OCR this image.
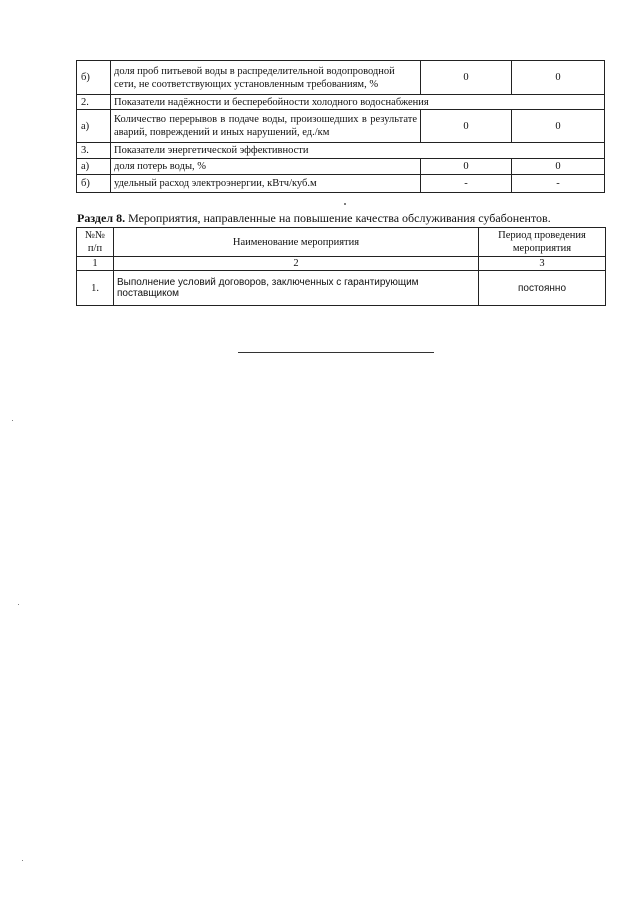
б)	доля проб питьевой воды в распределительной водопроводной сети, не соответствующих установленным требованиям, %	0	0
2.	Показатели надёжности и бесперебойности холодного водоснабжения		
а)	Количество перерывов в подаче воды, произошедших в результате аварий, повреждений и иных нарушений, ед./км	0	0
3.	Показатели энергетической эффективности		
а)	доля потерь воды, %	0	0
б)	удельный расход электроэнергии, кВтч/куб.м	-	-
Раздел 8. Мероприятия, направленные на повышение качества обслуживания субабонентов.
№№ п/п	Наименование мероприятия	Период проведения мероприятия
1	2	3
1.	Выполнение условий договоров, заключенных с гарантирующим поставщиком	постоянно
